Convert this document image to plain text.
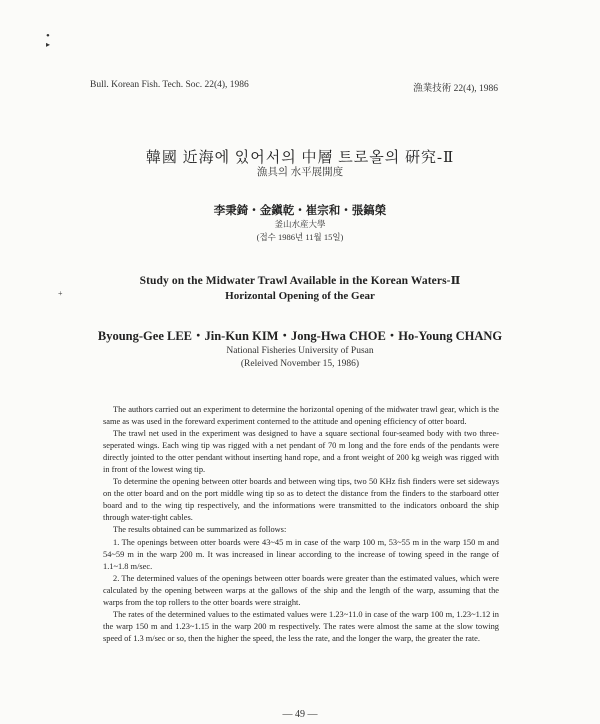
•
▸
+
Bull. Korean Fish. Tech. Soc. 22(4), 1986	漁業技術 22(4), 1986
韓國 近海에 있어서의 中層 트로올의 硏究-Ⅱ
漁具의 水平展開度
李秉錡・金鎭乾・崔宗和・張鎬榮
釜山水産大學
(접수 1986년 11월 15일)
Study on the Midwater Trawl Available in the Korean Waters-Ⅱ
Horizontal Opening of the Gear
Byoung-Gee LEE・Jin-Kun KIM・Jong-Hwa CHOE・Ho-Young CHANG
National Fisheries University of Pusan
(Releived November 15, 1986)

The authors carried out an experiment to determine the horizontal opening of the midwater trawl gear, which is the same as was used in the foreward experiment conterned to the attitude and opening efficiency of otter board.

The trawl net used in the experiment was designed to have a square sectional four-seamed body with two three-seperated wings. Each wing tip was rigged with a net pendant of 70 m long and the fore ends of the pendants were directly jointed to the otter pendant without inserting hand rope, and a front weight of 200 kg weigh was rigged with in front of the lowest wing tip.

To determine the opening between otter boards and between wing tips, two 50 KHz fish finders were set sideways on the otter board and on the port middle wing tip so as to detect the distance from the finders to the starboard otter board and to the wing tip respectively, and the informations were transmitted to the indicators onboard the ship through water-tight cables.

The results obtained can be summarized as follows:

1. The openings between otter boards were 43~45 m in case of the warp 100 m, 53~55 m in the warp 150 m and 54~59 m in the warp 200 m. It was increased in linear according to the increase of towing speed in the range of 1.1~1.8 m/sec.

2. The determined values of the openings between otter boards were greater than the estimated values, which were calculated by the opening between warps at the gallows of the ship and the length of the warp, assuming that the warps from the top rollers to the otter boards were straight.

The rates of the determined values to the estimated values were 1.23~11.0 in case of the warp 100 m, 1.23~1.12 in the warp 150 m and 1.23~1.15 in the warp 200 m respectively. The rates were almost the same at the slow towing speed of 1.3 m/sec or so, then the higher the speed, the less the rate, and the longer the warp, the greater the rate.

— 49 —
